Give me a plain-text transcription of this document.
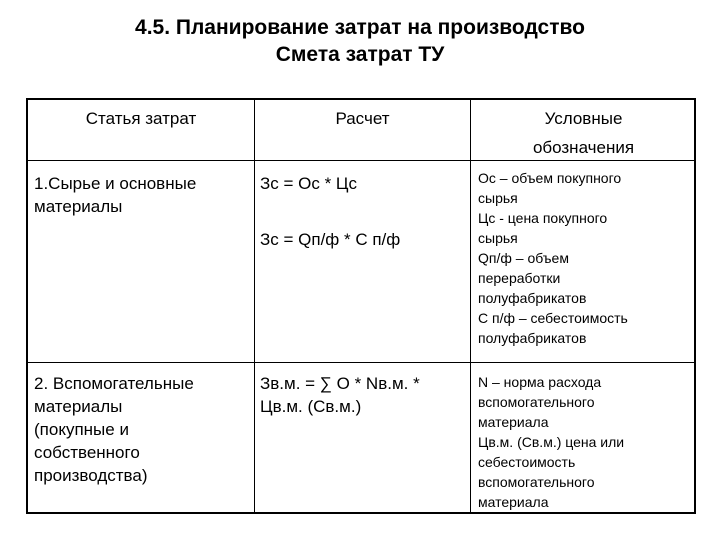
4.5. Планирование затрат на производство
Смета затрат ТУ
Статья затрат	Расчет	Условные
обозначения
1.Сырье и основные
материалы
Зс = Ос * Цс
Зс = Qп/ф * С п/ф
Ос – объем покупного
сырья
Цс - цена покупного
сырья
Qп/ф – объем
переработки
полуфабрикатов
С п/ф – себестоимость
полуфабрикатов
2. Вспомогательные
материалы
(покупные и
собственного
производства)
Зв.м. = ∑ О * Nв.м. *
Цв.м. (Св.м.)
N – норма расхода
вспомогательного
материала
Цв.м. (Св.м.) цена или
себестоимость
вспомогательного
материала
